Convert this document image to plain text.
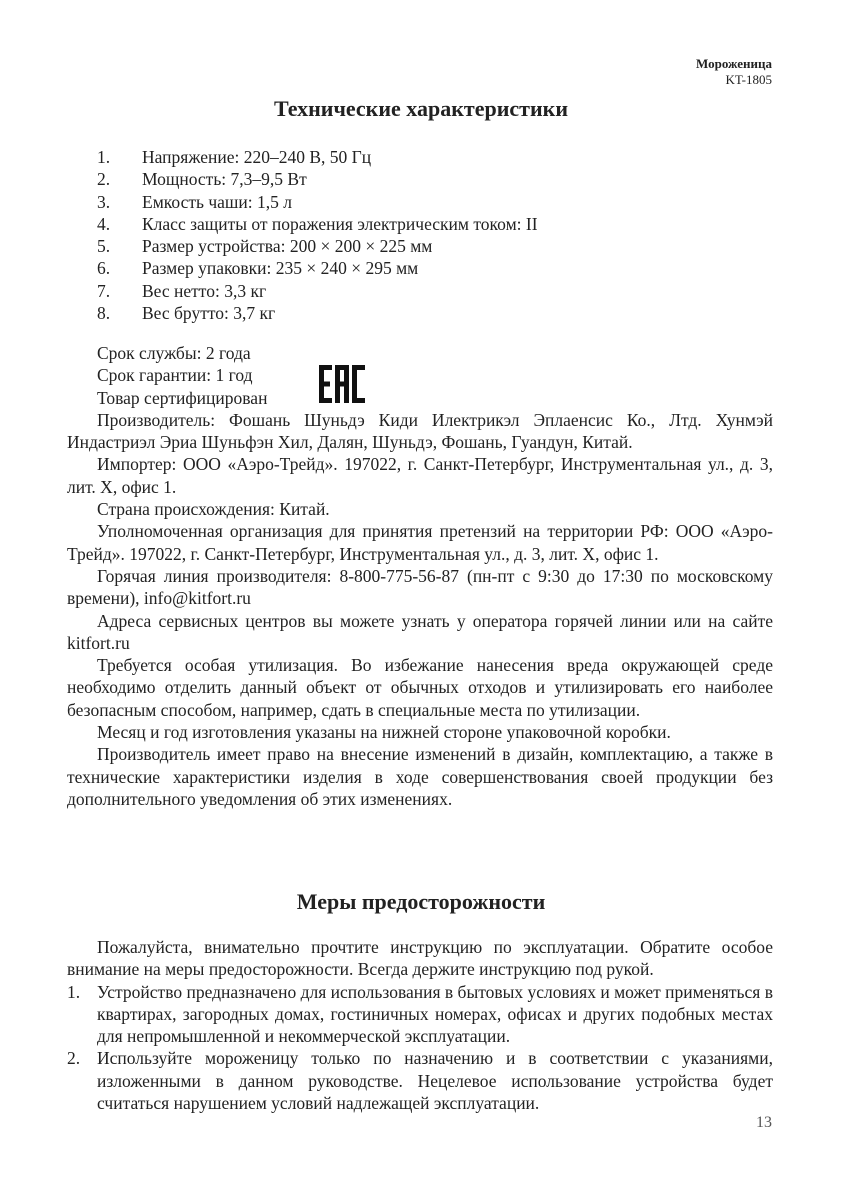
Мороженица
KT-1805
Технические характеристики
1.	Напряжение: 220–240 В, 50 Гц
2.	Мощность: 7,3–9,5 Вт
3.	Емкость чаши: 1,5 л
4.	Класс защиты от поражения электрическим током: II
5.	Размер устройства: 200 × 200 × 225 мм
6.	Размер упаковки: 235 × 240 × 295 мм
7.	Вес нетто: 3,3 кг
8.	Вес брутто: 3,7 кг

Срок службы: 2 года

Срок гарантии: 1 год

Товар сертифицирован

Производитель: Фошань Шуньдэ Киди Илектрикэл Эплаенсис Ко., Лтд. Хунмэй Индастриэл Эриа Шуньфэн Хил, Далян, Шуньдэ, Фошань, Гуандун, Китай.

Импортер: ООО «Аэро-Трейд». 197022, г. Санкт-Петербург, Инструментальная ул., д. 3, лит. Х, офис 1.

Страна происхождения: Китай.

Уполномоченная организация для принятия претензий на территории РФ: ООО «Аэро-Трейд». 197022, г. Санкт-Петербург, Инструментальная ул., д. 3, лит. Х, офис 1.

Горячая линия производителя: 8-800-775-56-87 (пн-пт с 9:30 до 17:30 по московскому времени), info@kitfort.ru

Адреса сервисных центров вы можете узнать у оператора горячей линии или на сайте kitfort.ru

Требуется особая утилизация. Во избежание нанесения вреда окружающей среде необходимо отделить данный объект от обычных отходов и утилизировать его наиболее безопасным способом, например, сдать в специальные места по утилизации.

Месяц и год изготовления указаны на нижней стороне упаковочной коробки.

Производитель имеет право на внесение изменений в дизайн, комплектацию, а также в технические характеристики изделия в ходе совершенствования своей продукции без дополнительного уведомления об этих изменениях.

Меры предосторожности

Пожалуйста, внимательно прочтите инструкцию по эксплуатации. Обратите особое внимание на меры предосторожности. Всегда держите инструкцию под рукой.

1. Устройство предназначено для использования в бытовых условиях и может применяться в квартирах, загородных домах, гостиничных номерах, офисах и других подобных местах для непромышленной и некоммерческой эксплуатации.
2. Используйте мороженицу только по назначению и в соответствии с указаниями, изложенными в данном руководстве. Нецелевое использование устройства будет считаться нарушением условий надлежащей эксплуатации.
13
